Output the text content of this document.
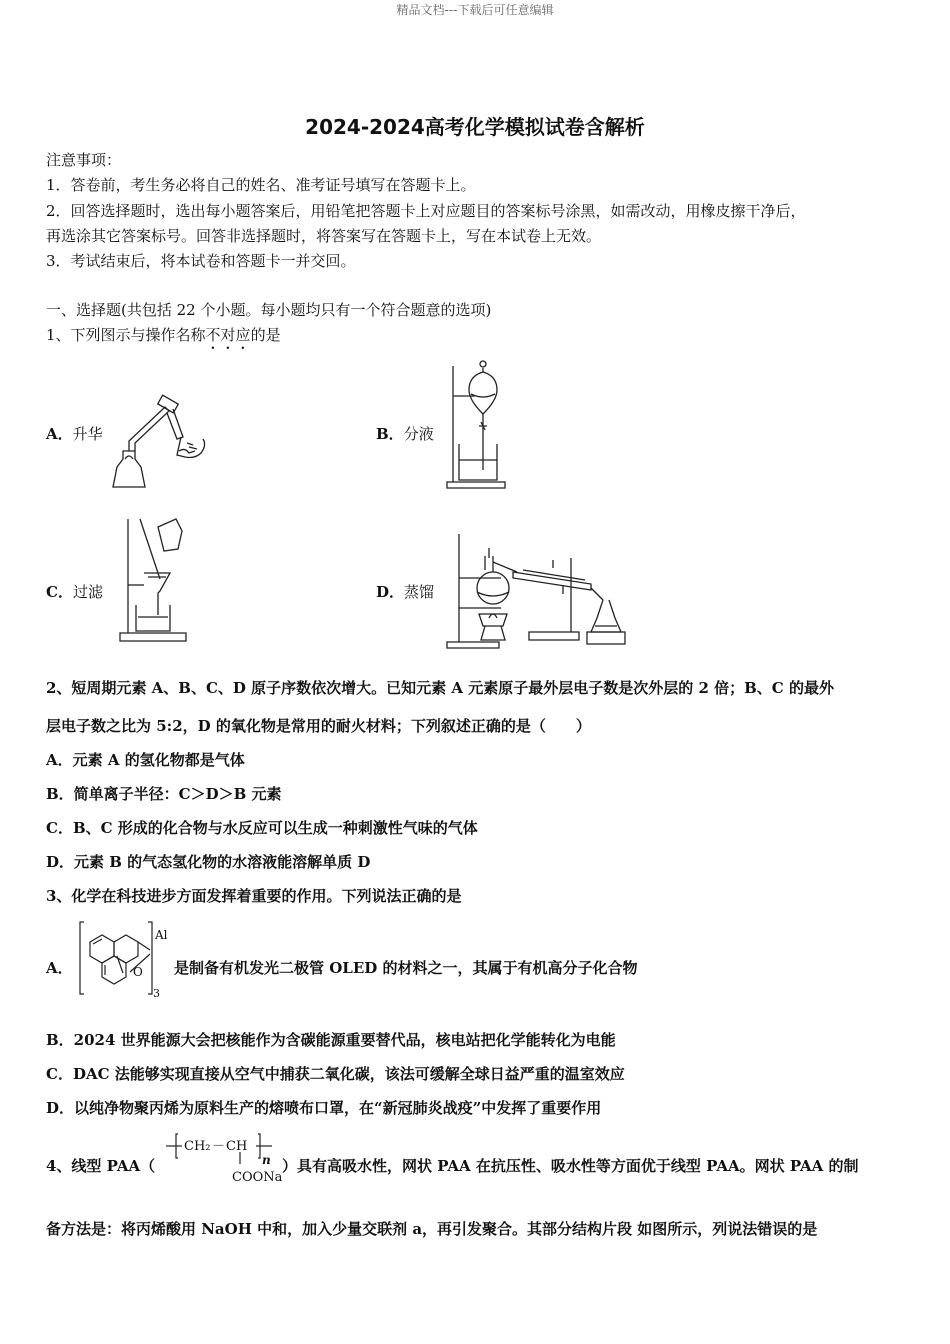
精品文档---下载后可任意编辑
2024-2024高考化学模拟试卷含解析
注意事项：
1．答卷前，考生务必将自己的姓名、准考证号填写在答题卡上。
2．回答选择题时，选出每小题答案后，用铅笔把答题卡上对应题目的答案标号涂黑，如需改动，用橡皮擦干净后，
再选涂其它答案标号。回答非选择题时，将答案写在答题卡上，写在本试卷上无效。
3．考试结束后，将本试卷和答题卡一并交回。
一、选择题(共包括 22 个小题。每小题均只有一个符合题意的选项)
1、下列图示与操作名称不对应的是
A．升华	B．分液
C．过滤	D．蒸馏
2、短周期元素 A、B、C、D 原子序数依次增大。已知元素 A 元素原子最外层电子数是次外层的 2 倍；B、C 的最外
层电子数之比为 5:2，D 的氧化物是常用的耐火材料；下列叙述正确的是（　　）
A．元素 A 的氢化物都是气体
B．简单离子半径：C＞D＞B 元素
C．B、C 形成的化合物与水反应可以生成一种刺激性气味的气体
D．元素 B 的气态氢化物的水溶液能溶解单质 D
3、化学在科技进步方面发挥着重要的作用。下列说法正确的是
A．
Al
O
3
是制备有机发光二极管 OLED 的材料之一，其属于有机高分子化合物
B．2024 世界能源大会把核能作为含碳能源重要替代品，核电站把化学能转化为电能
C．DAC 法能够实现直接从空气中捕获二氧化碳，该法可缓解全球日益严重的温室效应
D．以纯净物聚丙烯为原料生产的熔喷布口罩，在“新冠肺炎战疫”中发挥了重要作用
4、线型 PAA（
CH₂ － CH
n
COONa
）具有高吸水性，网状 PAA 在抗压性、吸水性等方面优于线型 PAA。网状 PAA 的制
备方法是：将丙烯酸用 NaOH 中和，加入少量交联剂 a，再引发聚合。其部分结构片段 如图所示，列说法错误的是
